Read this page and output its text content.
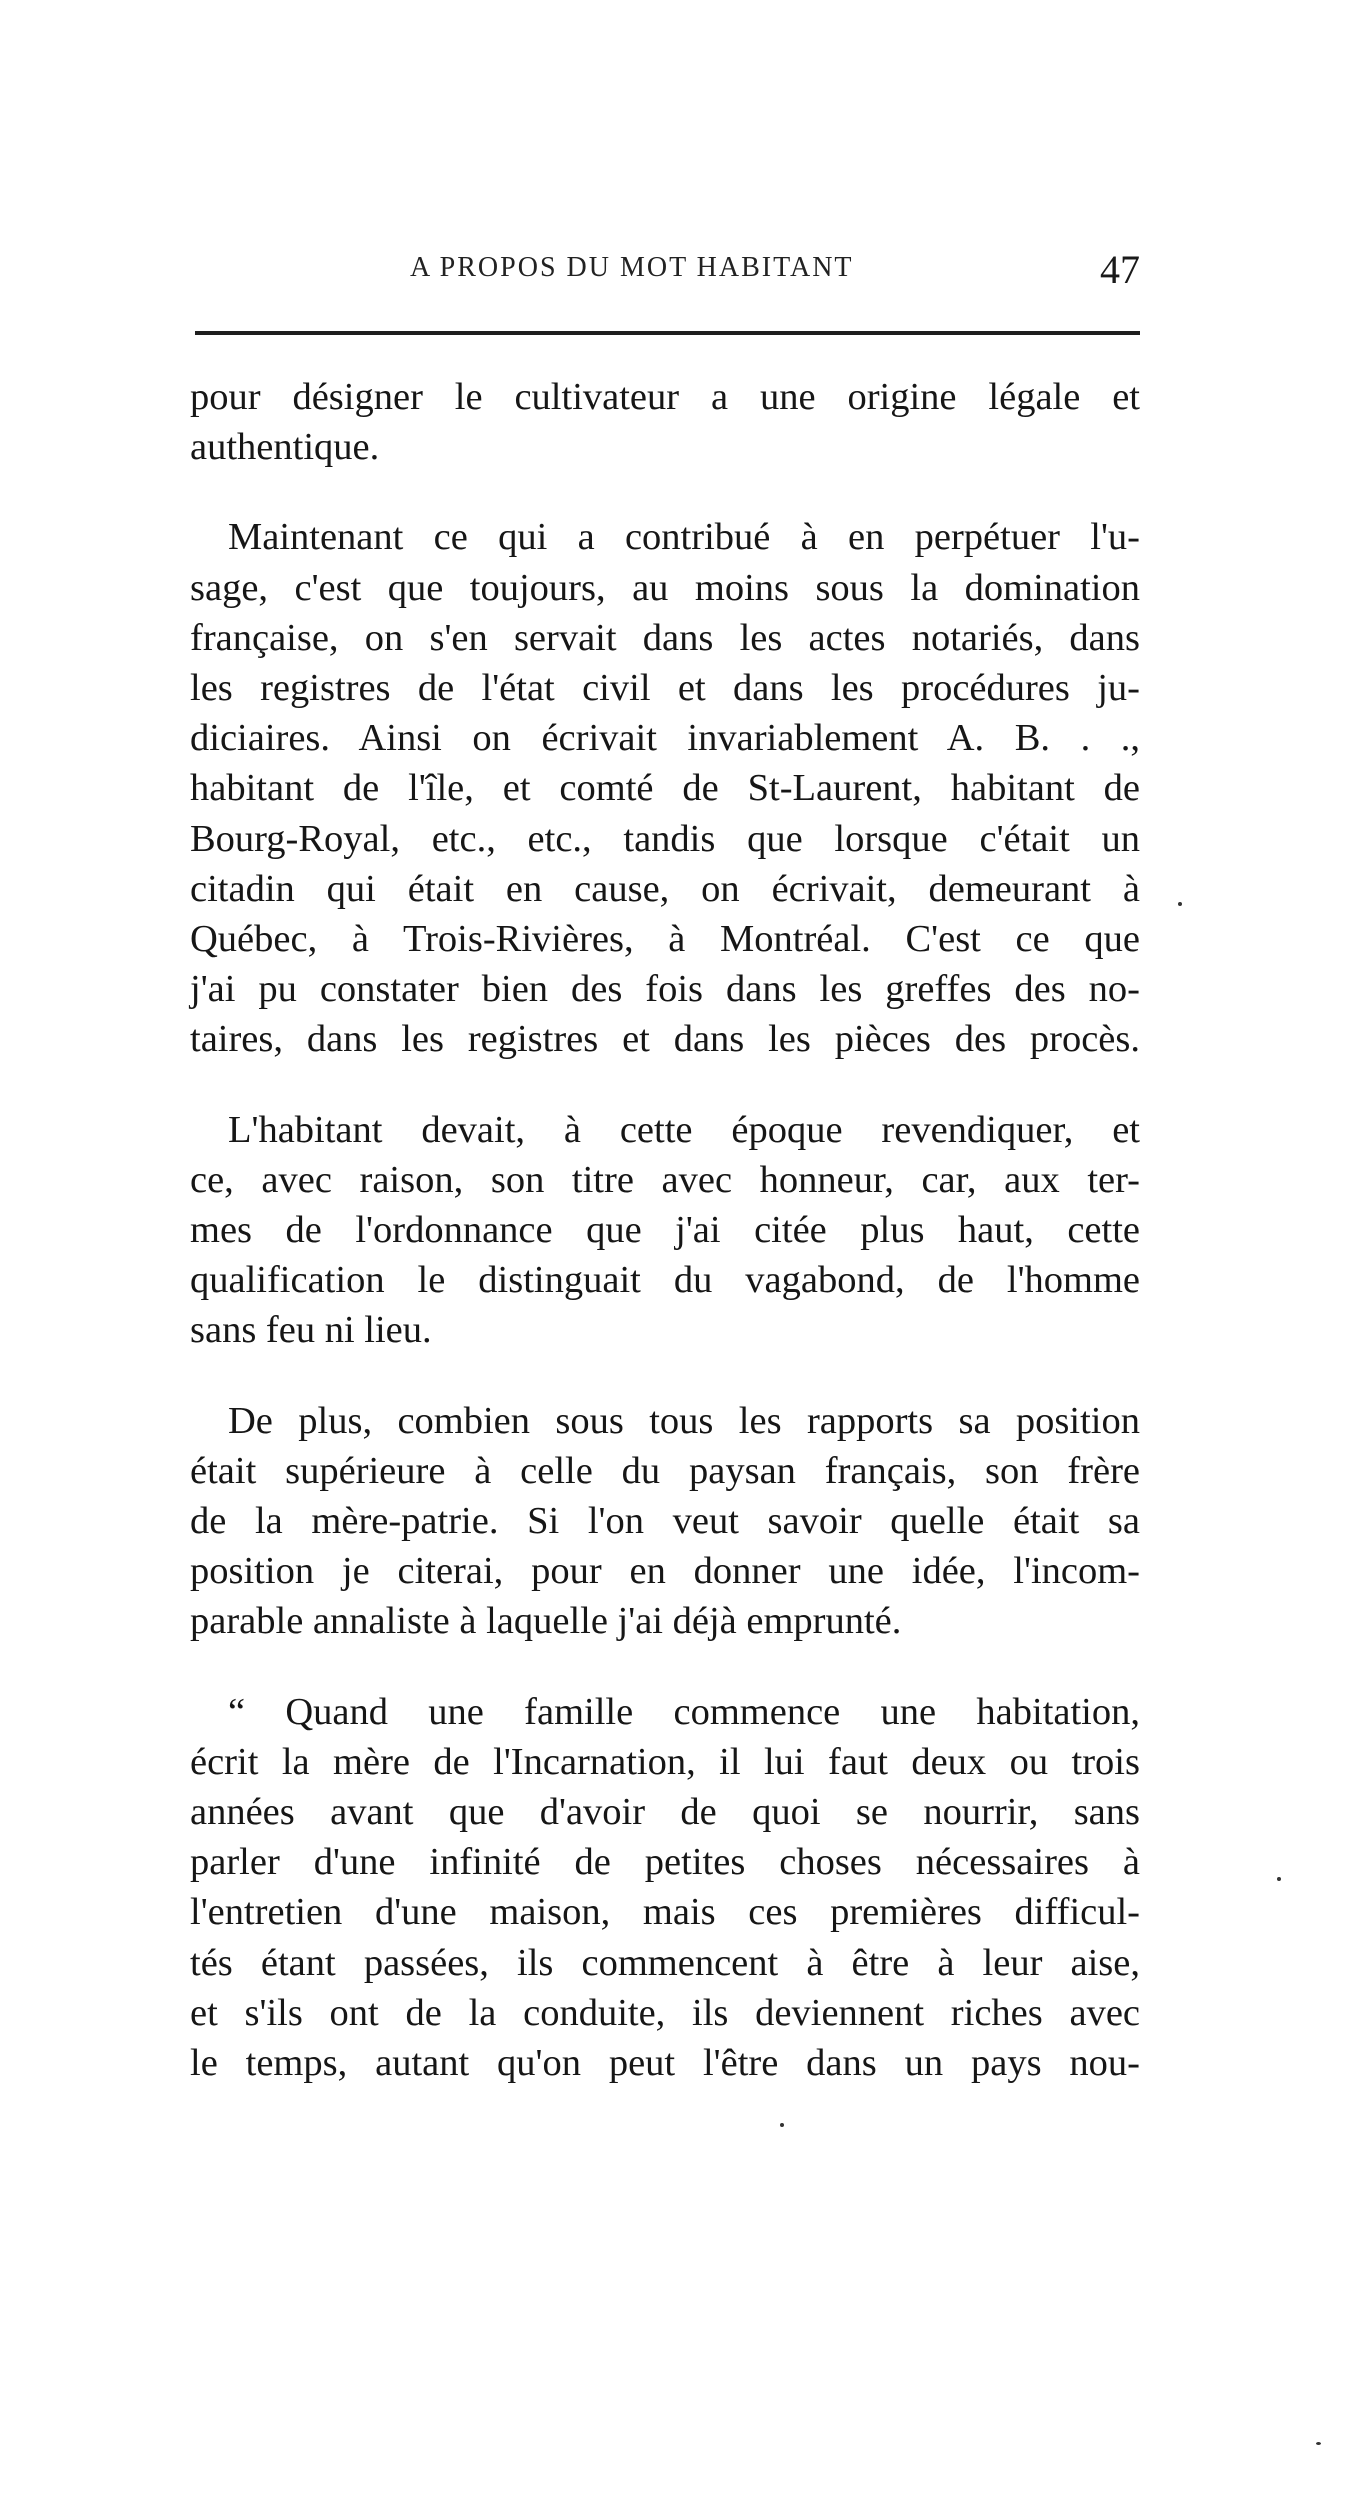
A PROPOS DU MOT HABITANT	47

pour désigner le cultivateur a une origine légale et
authentique.

Maintenant ce qui a contribué à en perpétuer l'u-
sage, c'est que toujours, au moins sous la domination
française, on s'en servait dans les actes notariés, dans
les registres de l'état civil et dans les procédures ju-
diciaires. Ainsi on écrivait invariablement A. B. . .,
habitant de l'île, et comté de St-Laurent, habitant de
Bourg-Royal, etc., etc., tandis que lorsque c'était un
citadin qui était en cause, on écrivait, demeurant à
Québec, à Trois-Rivières, à Montréal. C'est ce que
j'ai pu constater bien des fois dans les greffes des no-
taires, dans les registres et dans les pièces des procès.

L'habitant devait, à cette époque revendiquer, et
ce, avec raison, son titre avec honneur, car, aux ter-
mes de l'ordonnance que j'ai citée plus haut, cette
qualification le distinguait du vagabond, de l'homme
sans feu ni lieu.

De plus, combien sous tous les rapports sa position
était supérieure à celle du paysan français, son frère
de la mère-patrie. Si l'on veut savoir quelle était sa
position je citerai, pour en donner une idée, l'incom-
parable annaliste à laquelle j'ai déjà emprunté.

“ Quand une famille commence une habitation,
écrit la mère de l'Incarnation, il lui faut deux ou trois
années avant que d'avoir de quoi se nourrir, sans
parler d'une infinité de petites choses nécessaires à
l'entretien d'une maison, mais ces premières difficul-
tés étant passées, ils commencent à être à leur aise,
et s'ils ont de la conduite, ils deviennent riches avec
le temps, autant qu'on peut l'être dans un pays nou-
